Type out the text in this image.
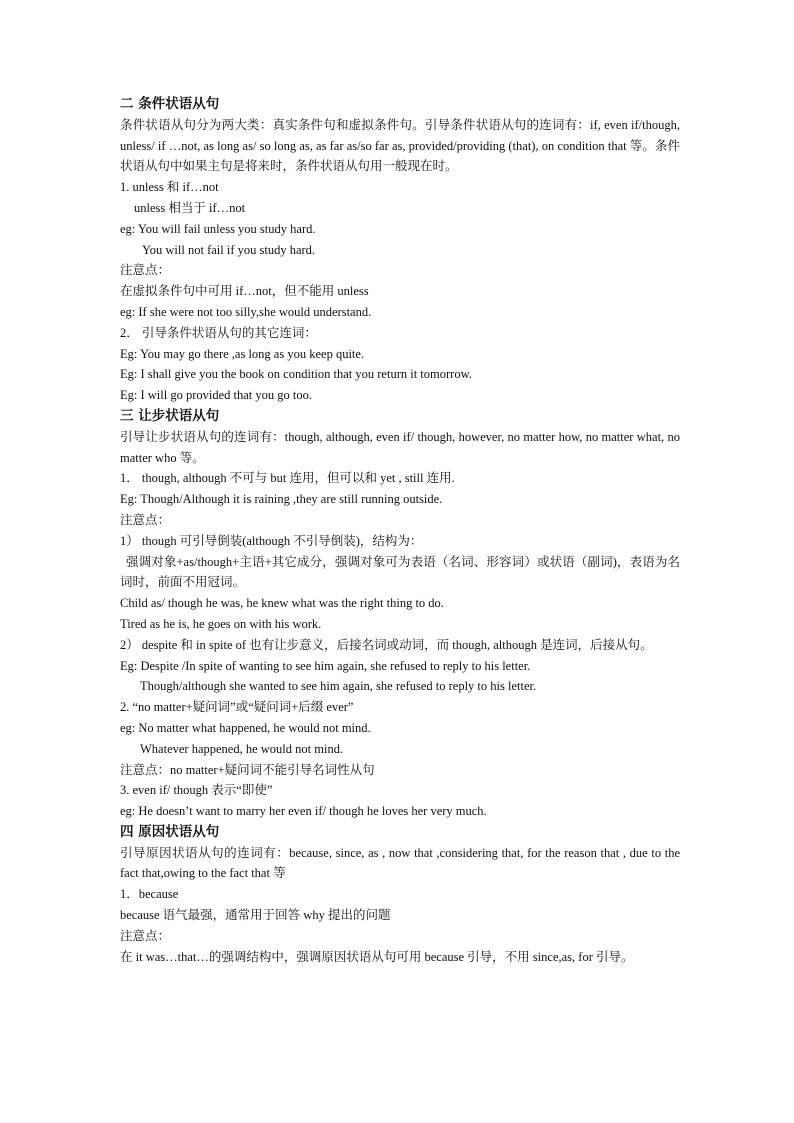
二 条件状语从句
条件状语从句分为两大类：真实条件句和虚拟条件句。引导条件状语从句的连词有：if, even if/though, unless/ if …not, as long as/ so long as, as far as/so far as, provided/providing (that), on condition that 等。条件状语从句中如果主句是将来时，条件状语从句用一般现在时。
1. unless 和 if…not
unless 相当于 if…not
eg: You will fail unless you study hard.
You will not fail if you study hard.
注意点：
在虚拟条件句中可用 if…not，但不能用 unless
eg: If she were not too silly,she would understand.
2． 引导条件状语从句的其它连词：
Eg: You may go there ,as long as you keep quite.
Eg: I shall give you the book on condition that you return it tomorrow.
Eg: I will go provided that you go too.
三 让步状语从句
引导让步状语从句的连词有：though, although, even if/ though, however, no matter how, no matter what, no matter who 等。
1． though, although 不可与 but 连用，但可以和 yet , still 连用.
Eg: Though/Although it is raining ,they are still running outside.
注意点：
1） though 可引导倒装(although 不引导倒装)，结构为：
强调对象+as/though+主语+其它成分，强调对象可为表语（名词、形容词）或状语（副词)，表语为名词时，前面不用冠词。
Child as/ though he was, he knew what was the right thing to do.
Tired as he is, he goes on with his work.
2） despite 和 in spite of 也有让步意义，后接名词或动词，而 though, although 是连词，后接从句。
Eg: Despite /In spite of wanting to see him again, she refused to reply to his letter.
Though/although she wanted to see him again, she refused to reply to his letter.
2. “no matter+疑问词”或“疑问词+后缀 ever”
eg: No matter what happened, he would not mind.
Whatever happened, he would not mind.
注意点：no matter+疑问词不能引导名词性从句
3. even if/ though 表示“即使”
eg: He doesn’t want to marry her even if/ though he loves her very much.
四 原因状语从句
引导原因状语从句的连词有：because, since, as , now that ,considering that, for the reason that , due to the fact that,owing to the fact that 等
1．because
because 语气最强，通常用于回答 why 提出的问题
注意点：
在 it was…that…的强调结构中，强调原因状语从句可用 because 引导，不用 since,as, for 引导。
